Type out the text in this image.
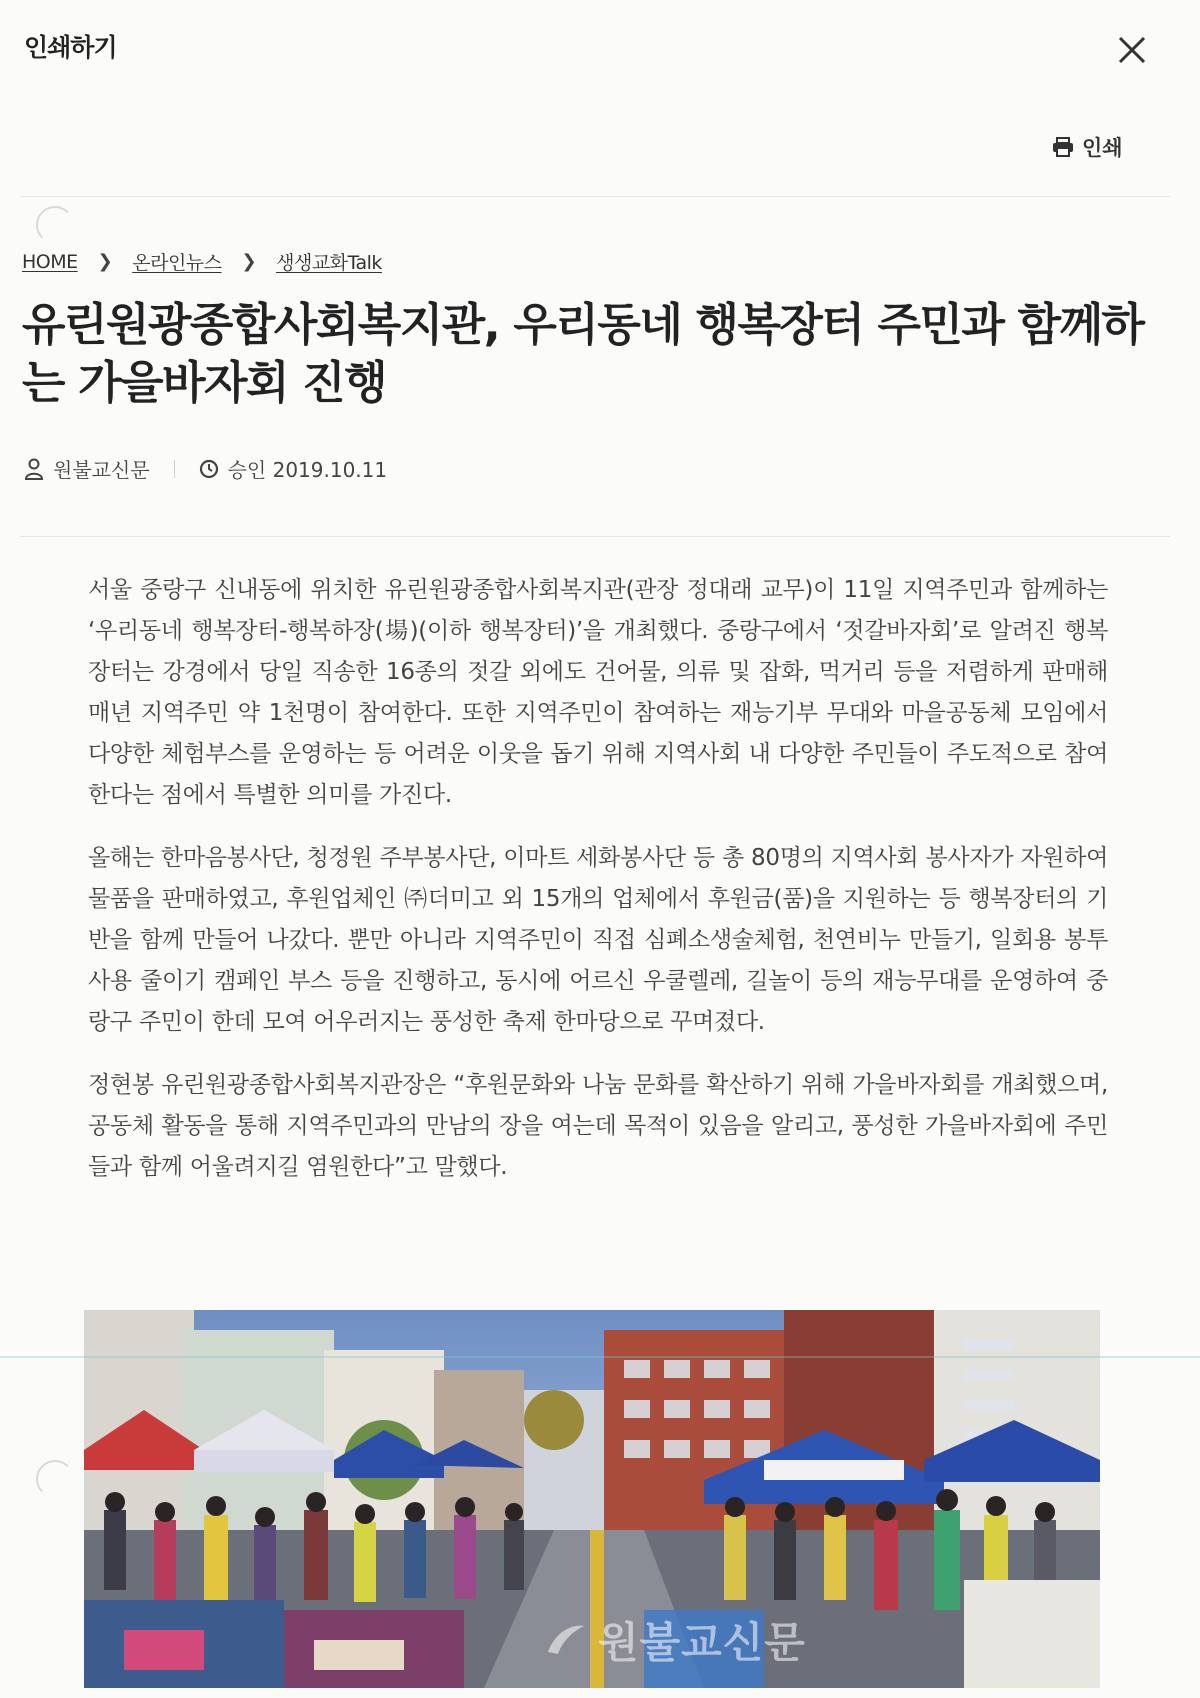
인쇄하기
인쇄
HOME ❯ 온라인뉴스 ❯ 생생교화Talk
유린원광종합사회복지관, 우리동네 행복장터 주민과 함께하는 가을바자회 진행
원불교신문	승인 2019.10.11

서울 중랑구 신내동에 위치한 유린원광종합사회복지관(관장 정대래 교무)이 11일 지역주민과 함께하는 ‘우리동네 행복장터-행복하장(場)(이하 행복장터)’을 개최했다. 중랑구에서 ‘젓갈바자회’로 알려진 행복장터는 강경에서 당일 직송한 16종의 젓갈 외에도 건어물, 의류 및 잡화, 먹거리 등을 저렴하게 판매해 매년 지역주민 약 1천명이 참여한다. 또한 지역주민이 참여하는 재능기부 무대와 마을공동체 모임에서 다양한 체험부스를 운영하는 등 어려운 이웃을 돕기 위해 지역사회 내 다양한 주민들이 주도적으로 참여한다는 점에서 특별한 의미를 가진다.

올해는 한마음봉사단, 청정원 주부봉사단, 이마트 세화봉사단 등 총 80명의 지역사회 봉사자가 자원하여 물품을 판매하였고, 후원업체인 ㈜더미고 외 15개의 업체에서 후원금(품)을 지원하는 등 행복장터의 기반을 함께 만들어 나갔다. 뿐만 아니라 지역주민이 직접 심폐소생술체험, 천연비누 만들기, 일회용 봉투 사용 줄이기 캠페인 부스 등을 진행하고, 동시에 어르신 우쿨렐레, 길놀이 등의 재능무대를 운영하여 중랑구 주민이 한데 모여 어우러지는 풍성한 축제 한마당으로 꾸며졌다.

정현봉 유린원광종합사회복지관장은 “후원문화와 나눔 문화를 확산하기 위해 가을바자회를 개최했으며, 공동체 활동을 통해 지역주민과의 만남의 장을 여는데 목적이 있음을 알리고, 풍성한 가을바자회에 주민들과 함께 어울려지길 염원한다”고 말했다.

원불교신문
